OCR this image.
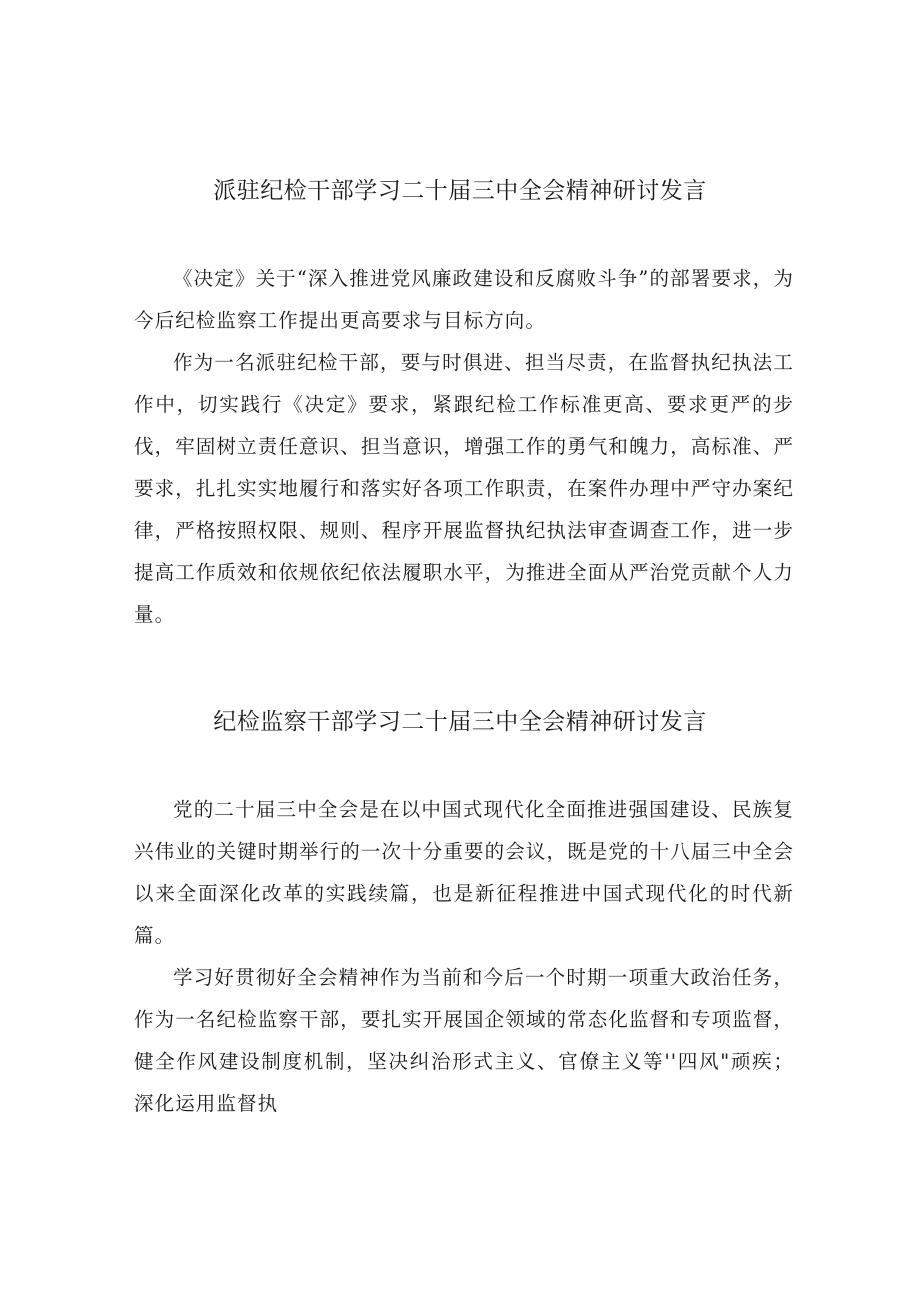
派驻纪检干部学习二十届三中全会精神研讨发言

《决定》关于“深入推进党风廉政建设和反腐败斗争”的部署要求，为今后纪检监察工作提出更高要求与目标方向。

作为一名派驻纪检干部，要与时俱进、担当尽责，在监督执纪执法工作中，切实践行《决定》要求，紧跟纪检工作标准更高、要求更严的步伐，牢固树立责任意识、担当意识，增强工作的勇气和魄力，高标准、严要求，扎扎实实地履行和落实好各项工作职责，在案件办理中严守办案纪律，严格按照权限、规则、程序开展监督执纪执法审查调查工作，进一步提高工作质效和依规依纪依法履职水平，为推进全面从严治党贡献个人力量。

纪检监察干部学习二十届三中全会精神研讨发言

党的二十届三中全会是在以中国式现代化全面推进强国建设、民族复兴伟业的关键时期举行的一次十分重要的会议，既是党的十八届三中全会以来全面深化改革的实践续篇，也是新征程推进中国式现代化的时代新篇。

学习好贯彻好全会精神作为当前和今后一个时期一项重大政治任务，作为一名纪检监察干部，要扎实开展国企领域的常态化监督和专项监督，健全作风建设制度机制，坚决纠治形式主义、官僚主义等''四风"顽疾；深化运用监督执
